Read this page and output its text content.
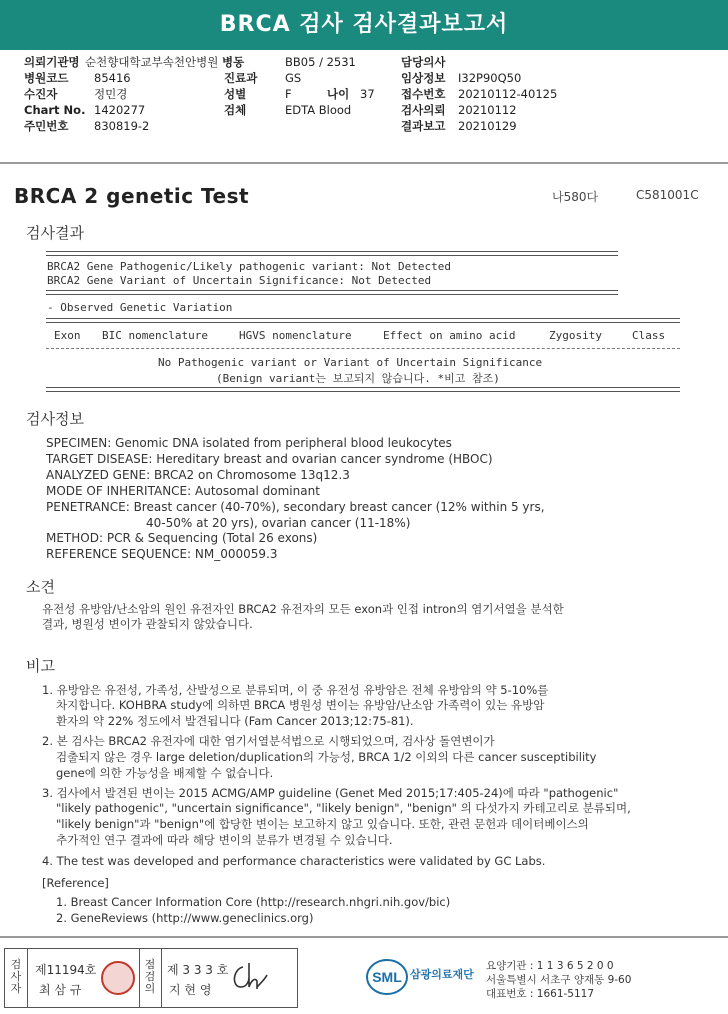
BRCA 검사 검사결과보고서
의뢰기관명 순천향대학교부속천안병원 병동	BB05 / 2531	담당의사
병원코드 85416	진료과 GS	임상정보 I32P90Q50
수진자	정민경	성별	F	나이 37 접수번호 20210112-40125
Chart No. 1420277	검체	EDTA Blood	검사의뢰 20210112
주민번호 830819-2	결과보고 20210129
BRCA 2 genetic Test	나580다	C581001C
검사결과
BRCA2 Gene Pathogenic/Likely pathogenic variant: Not Detected
BRCA2 Gene Variant of Uncertain Significance: Not Detected
- Observed Genetic Variation
Exon BIC nomenclature	HGVS nomenclature	Effect on amino acid	Zygosity	Class
No Pathogenic variant or Variant of Uncertain Significance
(Benign variant는 보고되지 않습니다. *비고 참조)
검사정보
SPECIMEN: Genomic DNA isolated from peripheral blood leukocytes
TARGET DISEASE: Hereditary breast and ovarian cancer syndrome (HBOC)
ANALYZED GENE: BRCA2 on Chromosome 13q12.3
MODE OF INHERITANCE: Autosomal dominant
PENETRANCE: Breast cancer (40-70%), secondary breast cancer (12% within 5 yrs,
40-50% at 20 yrs), ovarian cancer (11-18%)
METHOD: PCR & Sequencing (Total 26 exons)
REFERENCE SEQUENCE: NM_000059.3
소견
유전성 유방암/난소암의 원인 유전자인 BRCA2 유전자의 모든 exon과 인접 intron의 염기서열을 분석한
결과, 병원성 변이가 관찰되지 않았습니다.
비고
1. 유방암은 유전성, 가족성, 산발성으로 분류되며, 이 중 유전성 유방암은 전체 유방암의 약 5-10%를
차지합니다. KOHBRA study에 의하면 BRCA 병원성 변이는 유방암/난소암 가족력이 있는 유방암
환자의 약 22% 정도에서 발견됩니다 (Fam Cancer 2013;12:75-81).
2. 본 검사는 BRCA2 유전자에 대한 염기서열분석법으로 시행되었으며, 검사상 돌연변이가
검출되지 않은 경우 large deletion/duplication의 가능성, BRCA 1/2 이외의 다른 cancer susceptibility
gene에 의한 가능성을 배제할 수 없습니다.
3. 검사에서 발견된 변이는 2015 ACMG/AMP guideline (Genet Med 2015;17:405-24)에 따라 "pathogenic"
"likely pathogenic", "uncertain significance", "likely benign", "benign" 의 다섯가지 카테고리로 분류되며,
"likely benign"과 "benign"에 합당한 변이는 보고하지 않고 있습니다. 또한, 관련 문헌과 데이터베이스의
추가적인 연구 결과에 따라 해당 변이의 분류가 변경될 수 있습니다.
4. The test was developed and performance characteristics were validated by GC Labs.
[Reference]
1. Breast Cancer Information Core (http://research.nhgri.nih.gov/bic)
2. GeneReviews (http://www.geneclinics.org)
검사자
제11194호
최 삼 규
점검의
제 3 3 3 호
지 현 영
SML 삼광의료재단
요양기관 : 1 1 3 6 5 2 0 0
서울특별시 서초구 양재동 9-60
대표번호 : 1661-5117
